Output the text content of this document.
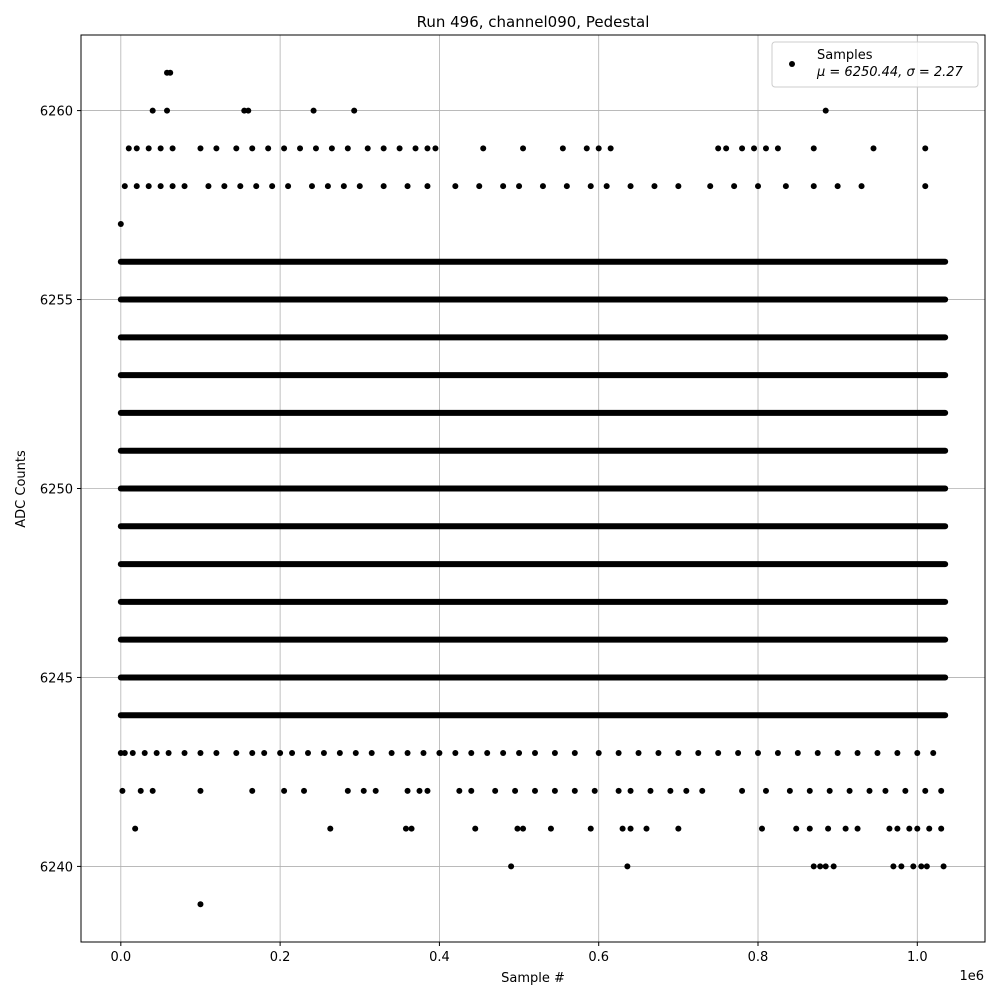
Run 496, channel090, Pedestal
0.0	0.2	0.4	0.6	0.8	1.0
6240
6245
6250
6255
6260
Sample #
ADC Counts
1e6
Samples
μ = 6250.44, σ = 2.27
